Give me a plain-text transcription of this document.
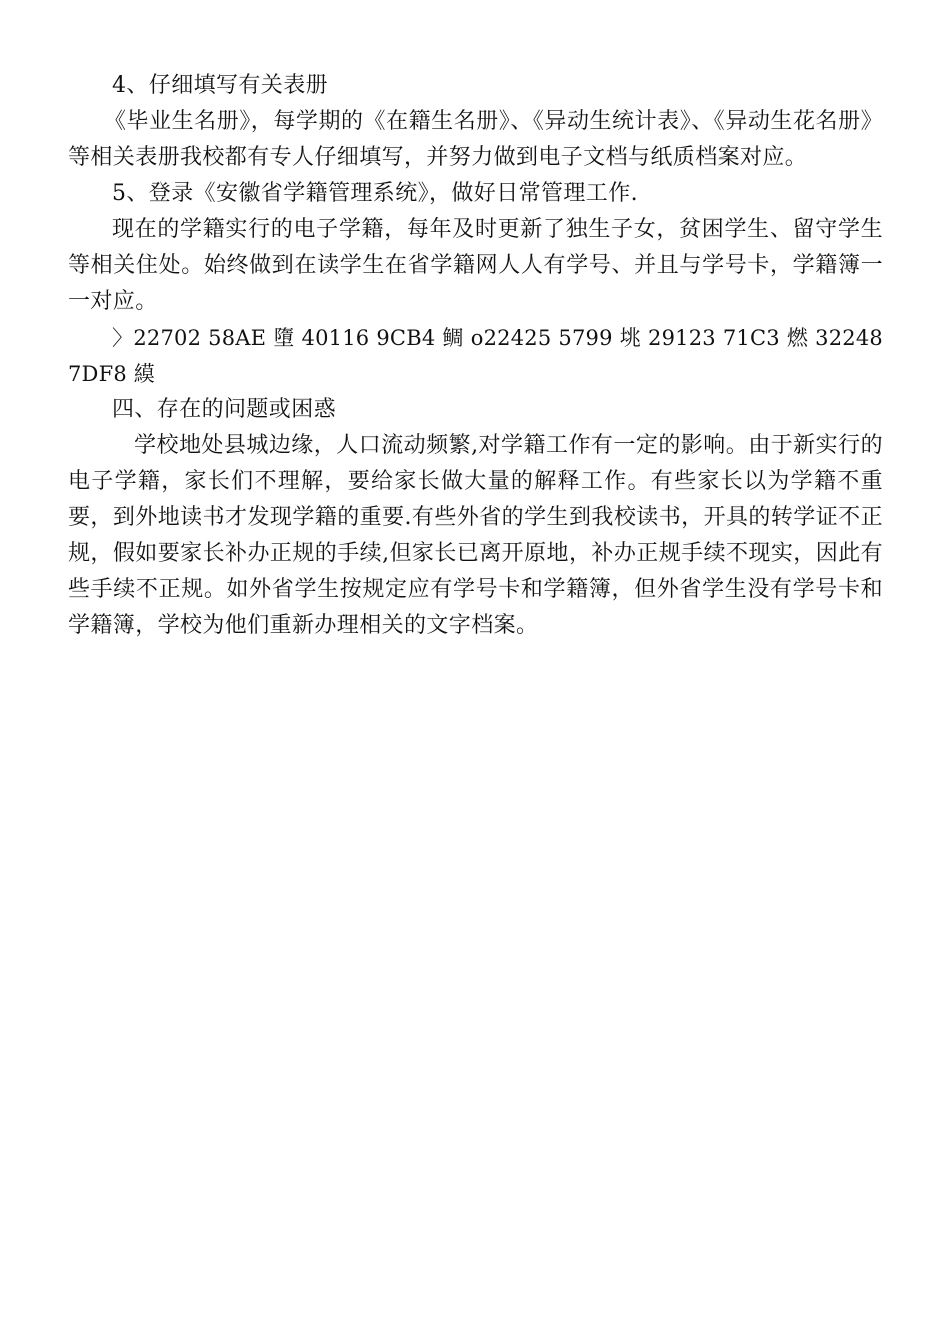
4、仔细填写有关表册

《毕业生名册》，每学期的《在籍生名册》、《异动生统计表》、《异动生花名册》等相关表册我校都有专人仔细填写，并努力做到电子文档与纸质档案对应。

5、登录《安徽省学籍管理系统》，做好日常管理工作.

现在的学籍实行的电子学籍，每年及时更新了独生子女，贫困学生、留守学生等相关住处。始终做到在读学生在省学籍网人人有学号、并且与学号卡，学籍簿一一对应。

〉22702 58AE 墮 40116 9CB4 鲷 o22425 5799 垗 29123 71C3 燃 32248 7DF8 縸

四、存在的问题或困惑

学校地处县城边缘，人口流动频繁,对学籍工作有一定的影响。由于新实行的电子学籍，家长们不理解，要给家长做大量的解释工作。有些家长以为学籍不重要，到外地读书才发现学籍的重要.有些外省的学生到我校读书，开具的转学证不正规，假如要家长补办正规的手续,但家长已离开原地，补办正规手续不现实，因此有些手续不正规。如外省学生按规定应有学号卡和学籍簿，但外省学生没有学号卡和学籍簿，学校为他们重新办理相关的文字档案。
